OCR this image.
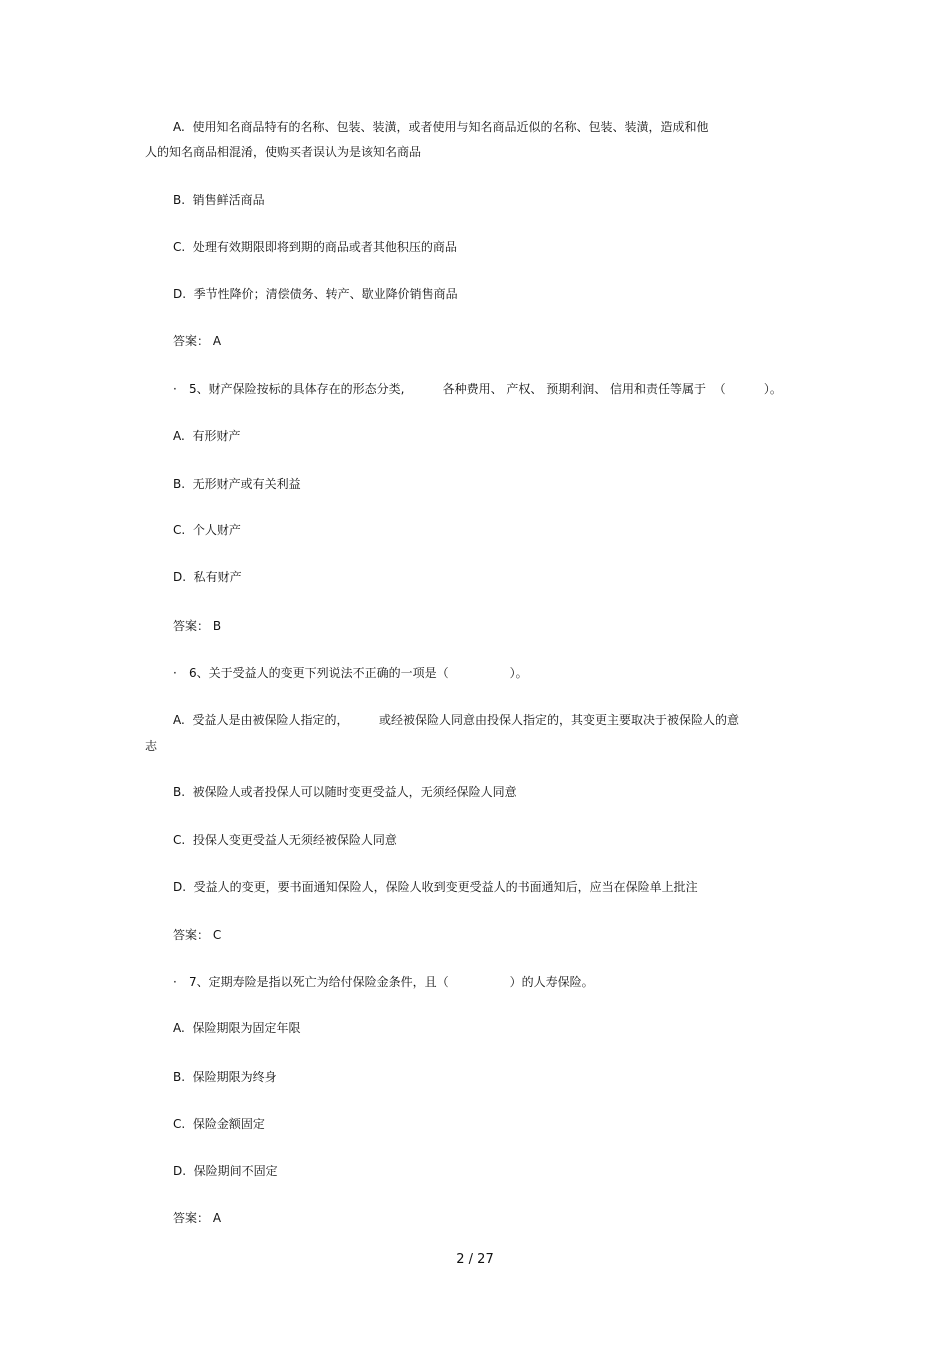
A.  使用知名商品特有的名称、包装、装潢，或者使用与知名商品近似的名称、包装、装潢，造成和他
人的知名商品相混淆，使购买者误认为是该知名商品
B.  销售鲜活商品
C.  处理有效期限即将到期的商品或者其他积压的商品
D.  季节性降价；清偿债务、转产、歇业降价销售商品
答案： A
· 5、财产保险按标的具体存在的形态分类,          各种费用、 产权、 预期利润、 信用和责任等属于  （          ）。
A.  有形财产
B.  无形财产或有关利益
C.  个人财产
D.  私有财产
答案： B
· 6、关于受益人的变更下列说法不正确的一项是（                ）。
A.  受益人是由被保险人指定的，        或经被保险人同意由投保人指定的，其变更主要取决于被保险人的意
志
B.  被保险人或者投保人可以随时变更受益人，无须经保险人同意
C.  投保人变更受益人无须经被保险人同意
D.  受益人的变更，要书面通知保险人，保险人收到变更受益人的书面通知后，应当在保险单上批注
答案： C
· 7、定期寿险是指以死亡为给付保险金条件，且（                ）的人寿保险。
A.  保险期限为固定年限
B.  保险期限为终身
C.  保险金额固定
D.  保险期间不固定
答案： A
2 / 27
